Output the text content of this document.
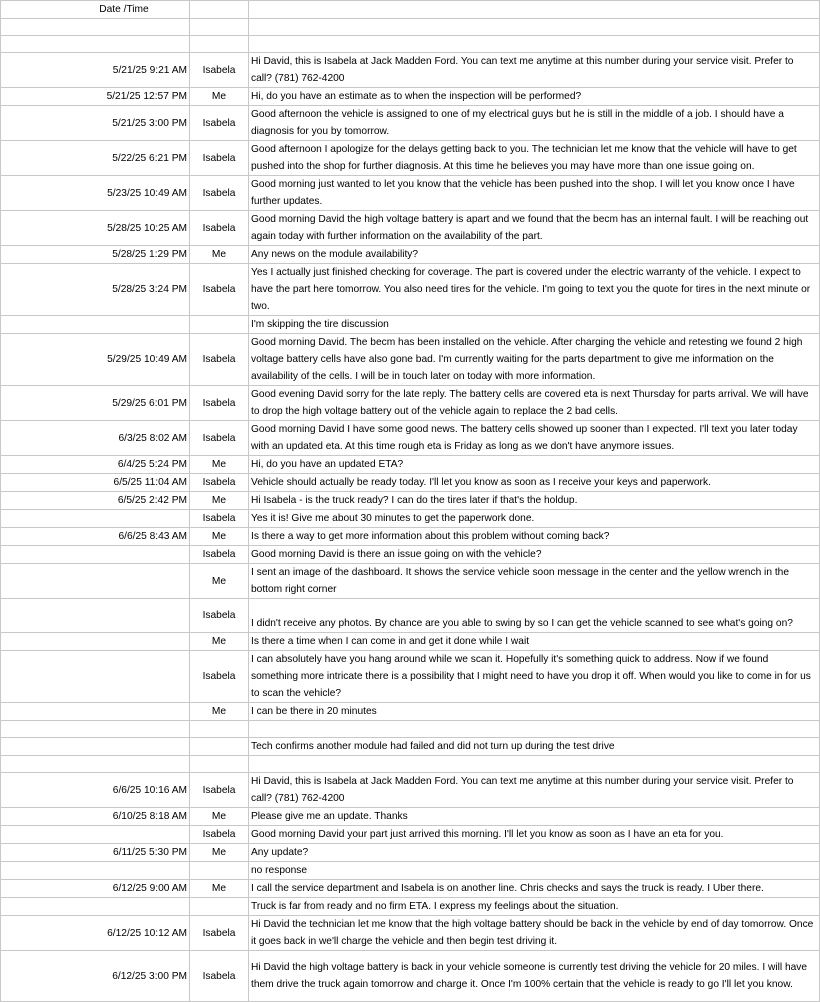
Date /Time		

5/21/25 9:21 AM	Isabela	Hi David, this is Isabela at Jack Madden Ford. You can text me anytime at this number during your service visit. Prefer to call? (781) 762-4200
5/21/25 12:57 PM	Me	Hi, do you have an estimate as to when the inspection will be performed?
5/21/25 3:00 PM	Isabela	Good afternoon the vehicle is assigned to one of my electrical guys but he is still in the middle of a job. I should have a diagnosis for you by tomorrow.
5/22/25 6:21 PM	Isabela	Good afternoon I apologize for the delays getting back to you. The technician let me know that the vehicle will have to get pushed into the shop for further diagnosis. At this time he believes you may have more than one issue going on.
5/23/25 10:49 AM	Isabela	Good morning just wanted to let you know that the vehicle has been pushed into the shop. I will let you know once I have further updates.
5/28/25 10:25 AM	Isabela	Good morning David the high voltage battery is apart and we found that the becm has an internal fault. I will be reaching out again today with further information on the availability of the part.
5/28/25 1:29 PM	Me	Any news on the module availability?
5/28/25 3:24 PM	Isabela	Yes I actually just finished checking for coverage. The part is covered under the electric warranty of the vehicle. I expect to have the part here tomorrow. You also need tires for the vehicle. I'm going to text you the quote for tires in the next minute or two.
		I'm skipping the tire discussion
5/29/25 10:49 AM	Isabela	Good morning David. The becm has been installed on the vehicle. After charging the vehicle and retesting we found 2 high voltage battery cells have also gone bad. I'm currently waiting for the parts department to give me information on the availability of the cells. I will be in touch later on today with more information.
5/29/25 6:01 PM	Isabela	Good evening David sorry for the late reply. The battery cells are covered eta is next Thursday for parts arrival. We will have to drop the high voltage battery out of the vehicle again to replace the 2 bad cells.
6/3/25 8:02 AM	Isabela	Good morning David I have some good news. The battery cells showed up sooner than I expected. I'll text you later today with an updated eta. At this time rough eta is Friday as long as we don't have anymore issues.
6/4/25 5:24 PM	Me	Hi, do you have an updated ETA?
6/5/25 11:04 AM	Isabela	Vehicle should actually be ready today. I'll let you know as soon as I receive your keys and paperwork.
6/5/25 2:42 PM	Me	Hi Isabela - is the truck ready? I can do the tires later if that's the holdup.
	Isabela	Yes it is! Give me about 30 minutes to get the paperwork done.
6/6/25 8:43 AM	Me	Is there a way to get more information about this problem without coming back?
	Isabela	Good morning David is there an issue going on with the vehicle?
	Me	I sent an image of the dashboard. It shows the service vehicle soon message in the center and the yellow wrench in the bottom right corner
	Isabela	I didn't receive any photos. By chance are you able to swing by so I can get the vehicle scanned to see what's going on?
	Me	Is there a time when I can come in and get it done while I wait
	Isabela	I can absolutely have you hang around while we scan it. Hopefully it's something quick to address. Now if we found something more intricate there is a possibility that I might need to have you drop it off. When would you like to come in for us to scan the vehicle?
	Me	I can be there in 20 minutes

		Tech confirms another module had failed and did not turn up during the test drive

6/6/25 10:16 AM	Isabela	Hi David, this is Isabela at Jack Madden Ford. You can text me anytime at this number during your service visit. Prefer to call? (781) 762-4200
6/10/25 8:18 AM	Me	Please give me an update. Thanks
	Isabela	Good morning David your part just arrived this morning. I'll let you know as soon as I have an eta for you.
6/11/25 5:30 PM	Me	Any update?
		no response
6/12/25 9:00 AM	Me	I call the service department and Isabela is on another line. Chris checks and says the truck is ready. I Uber there.
		Truck is far from ready and no firm ETA. I express my feelings about the situation.
6/12/25 10:12 AM	Isabela	Hi David the technician let me know that the high voltage battery should be back in the vehicle by end of day tomorrow. Once it goes back in we'll charge the vehicle and then begin test driving it.
6/12/25 3:00 PM	Isabela	Hi David the high voltage battery is back in your vehicle someone is currently test driving the vehicle for 20 miles. I will have them drive the truck again tomorrow and charge it. Once I'm 100% certain that the vehicle is ready to go I'll let you know.
